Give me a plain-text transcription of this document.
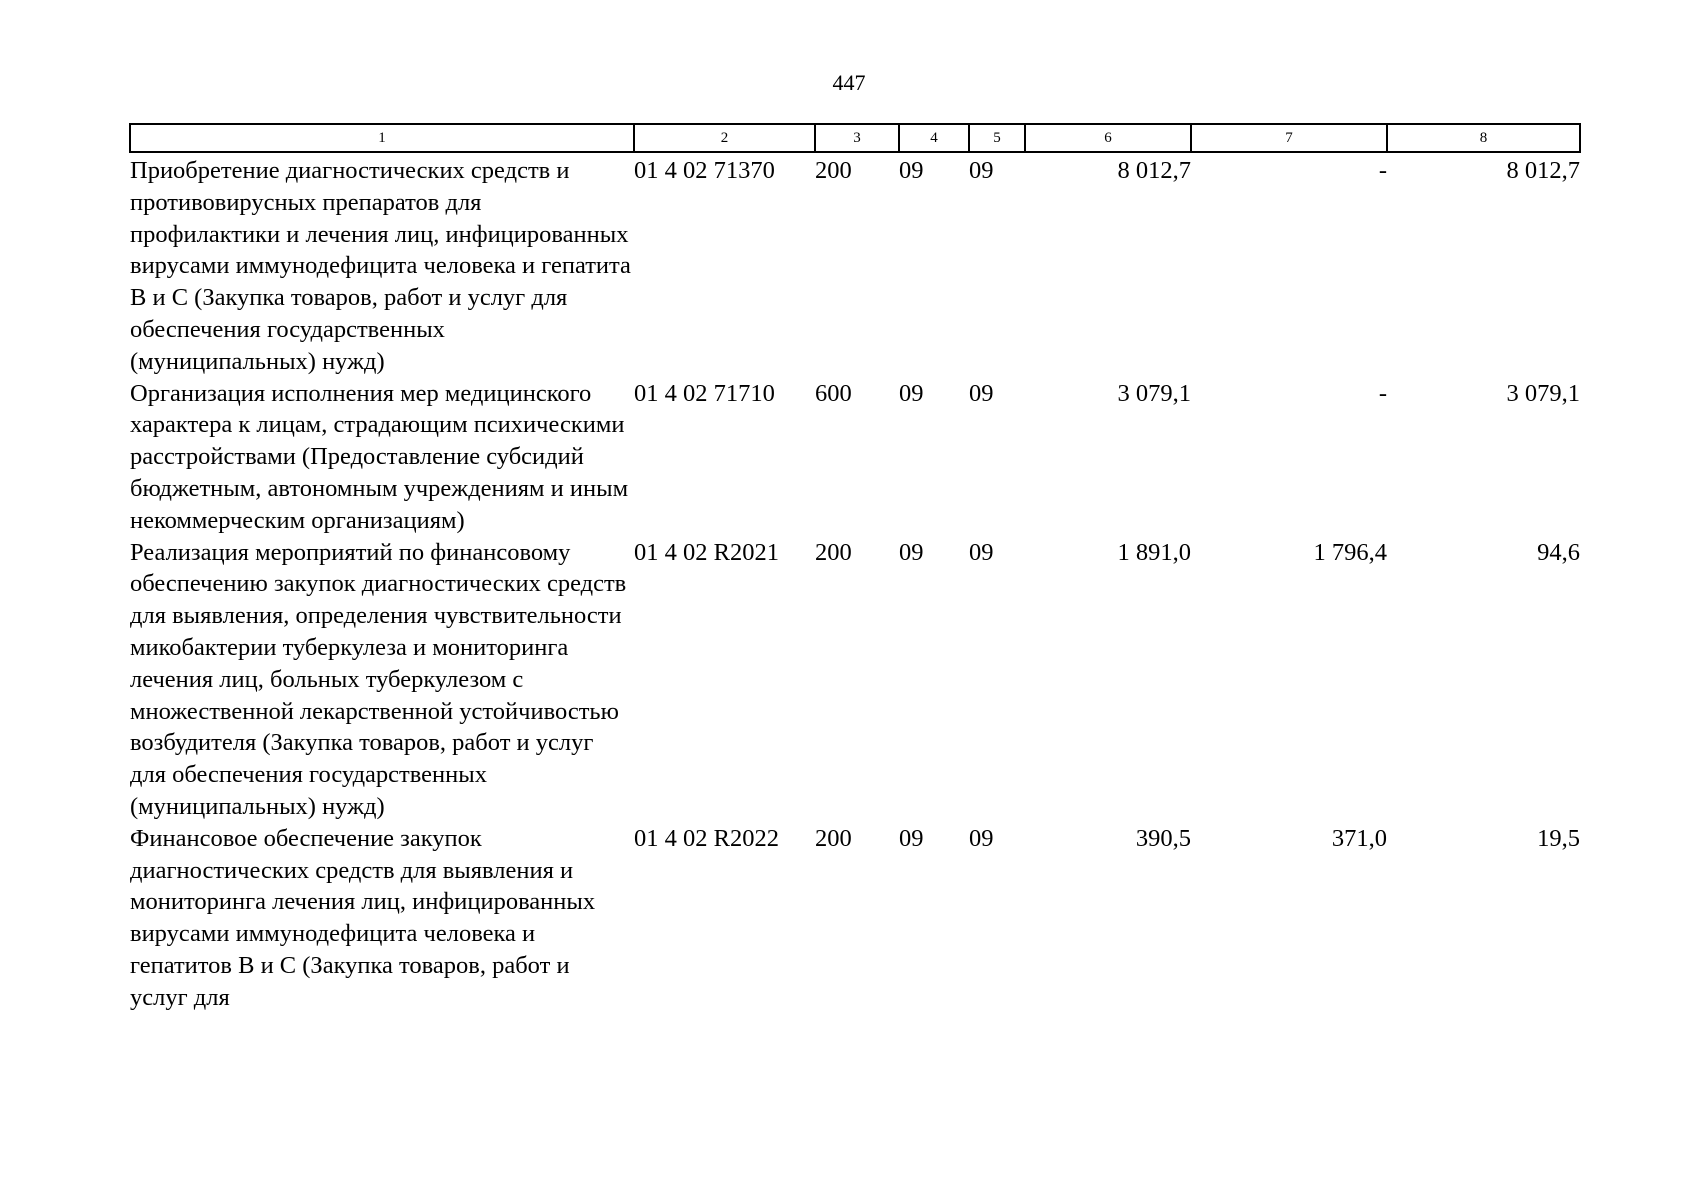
447
1	2	3	4	5	6	7	8
Приобретение диагностических средств и противовирусных препаратов для профилактики и лечения лиц, инфицированных вирусами иммунодефицита человека и гепатита В и С (Закупка товаров, работ и услуг для обеспечения государственных (муниципальных) нужд)	01 4 02 71370	200	09	09	8 012,7	-	8 012,7
Организация исполнения мер медицинского характера к лицам, страдающим психическими расстройствами (Предоставление субсидий бюджетным, автономным учреждениям и иным некоммерческим организациям)	01 4 02 71710	600	09	09	3 079,1	-	3 079,1
Реализация мероприятий по финансовому обеспечению закупок диагностических средств для выявления, определения чувствительности микобактерии туберкулеза и мониторинга лечения лиц, больных туберкулезом с множественной лекарственной устойчивостью возбудителя (Закупка товаров, работ и услуг для обеспечения государственных (муниципальных) нужд)	01 4 02 R2021	200	09	09	1 891,0	1 796,4	94,6
Финансовое обеспечение закупок диагностических средств для выявления и мониторинга лечения лиц, инфицированных вирусами иммунодефицита человека и гепатитов В и С (Закупка товаров, работ и услуг для	01 4 02 R2022	200	09	09	390,5	371,0	19,5
